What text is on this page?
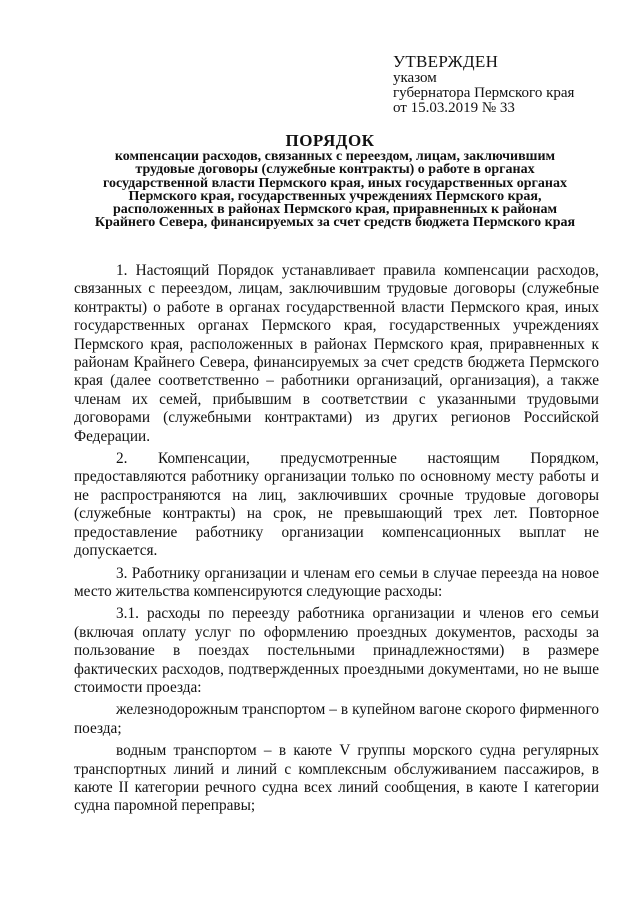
УТВЕРЖДЕН
указом
губернатора Пермского края
от 15.03.2019 № 33
ПОРЯДОК
компенсации расходов, связанных с переездом, лицам, заключившим трудовые договоры (служебные контракты) о работе в органах государственной власти Пермского края, иных государственных органах Пермского края, государственных учреждениях Пермского края, расположенных в районах Пермского края, приравненных к районам Крайнего Севера, финансируемых за счет средств бюджета Пермского края

1. Настоящий Порядок устанавливает правила компенсации расходов, связанных с переездом, лицам, заключившим трудовые договоры (служебные контракты) о работе в органах государственной власти Пермского края, иных государственных органах Пермского края, государственных учреждениях Пермского края, расположенных в районах Пермского края, приравненных к районам Крайнего Севера, финансируемых за счет средств бюджета Пермского края (далее соответственно – работники организаций, организация), а также членам их семей, прибывшим в соответствии с указанными трудовыми договорами (служебными контрактами) из других регионов Российской Федерации.

2. Компенсации, предусмотренные настоящим Порядком, предоставляются работнику организации только по основному месту работы и не распространяются на лиц, заключивших срочные трудовые договоры (служебные контракты) на срок, не превышающий трех лет. Повторное предоставление работнику организации компенсационных выплат не допускается.

3. Работнику организации и членам его семьи в случае переезда на новое место жительства компенсируются следующие расходы:

3.1. расходы по переезду работника организации и членов его семьи (включая оплату услуг по оформлению проездных документов, расходы за пользование в поездах постельными принадлежностями) в размере фактических расходов, подтвержденных проездными документами, но не выше стоимости проезда:

железнодорожным транспортом – в купейном вагоне скорого фирменного поезда;

водным транспортом – в каюте V группы морского судна регулярных транспортных линий и линий с комплексным обслуживанием пассажиров, в каюте II категории речного судна всех линий сообщения, в каюте I категории судна паромной переправы;
